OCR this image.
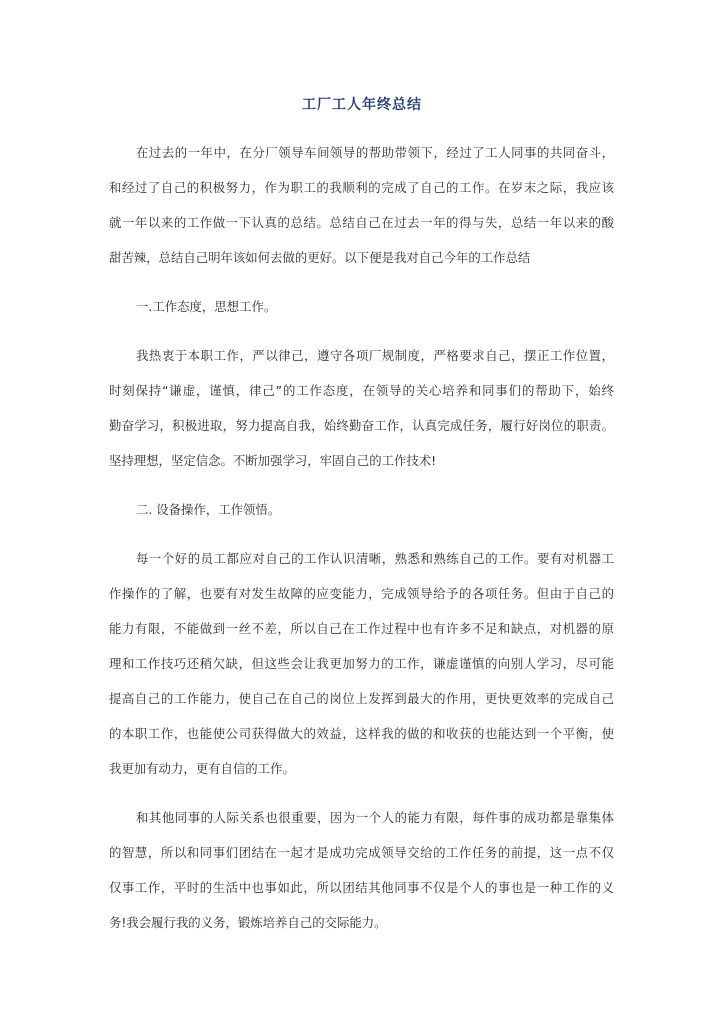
工厂工人年终总结
在过去的一年中，在分厂领导车间领导的帮助带领下，经过了工人同事的共同奋斗，
和经过了自己的积极努力，作为职工的我顺利的完成了自己的工作。在岁末之际，我应该
就一年以来的工作做一下认真的总结。总结自己在过去一年的得与失，总结一年以来的酸
甜苦辣，总结自己明年该如何去做的更好。以下便是我对自己今年的工作总结
一.工作态度，思想工作。
我热衷于本职工作，严以律己，遵守各项厂规制度，严格要求自己，摆正工作位置，
时刻保持“谦虚，谨慎，律己”的工作态度，在领导的关心培养和同事们的帮助下，始终
勤奋学习，积极进取，努力提高自我，始终勤奋工作，认真完成任务，履行好岗位的职责。
坚持理想，坚定信念。不断加强学习，牢固自己的工作技术!
二. 设备操作，工作领悟。
每一个好的员工都应对自己的工作认识清晰，熟悉和熟练自己的工作。要有对机器工
作操作的了解，也要有对发生故障的应变能力，完成领导给予的各项任务。但由于自己的
能力有限，不能做到一丝不差，所以自己在工作过程中也有许多不足和缺点，对机器的原
理和工作技巧还稍欠缺，但这些会让我更加努力的工作，谦虚谨慎的向别人学习，尽可能
提高自己的工作能力，使自己在自己的岗位上发挥到最大的作用，更快更效率的完成自己
的本职工作，也能使公司获得做大的效益，这样我的做的和收获的也能达到一个平衡，使
我更加有动力，更有自信的工作。
和其他同事的人际关系也很重要，因为一个人的能力有限，每件事的成功都是靠集体
的智慧，所以和同事们团结在一起才是成功完成领导交给的工作任务的前提，这一点不仅
仅事工作，平时的生活中也事如此，所以团结其他同事不仅是个人的事也是一种工作的义
务!我会履行我的义务，锻炼培养自己的交际能力。
